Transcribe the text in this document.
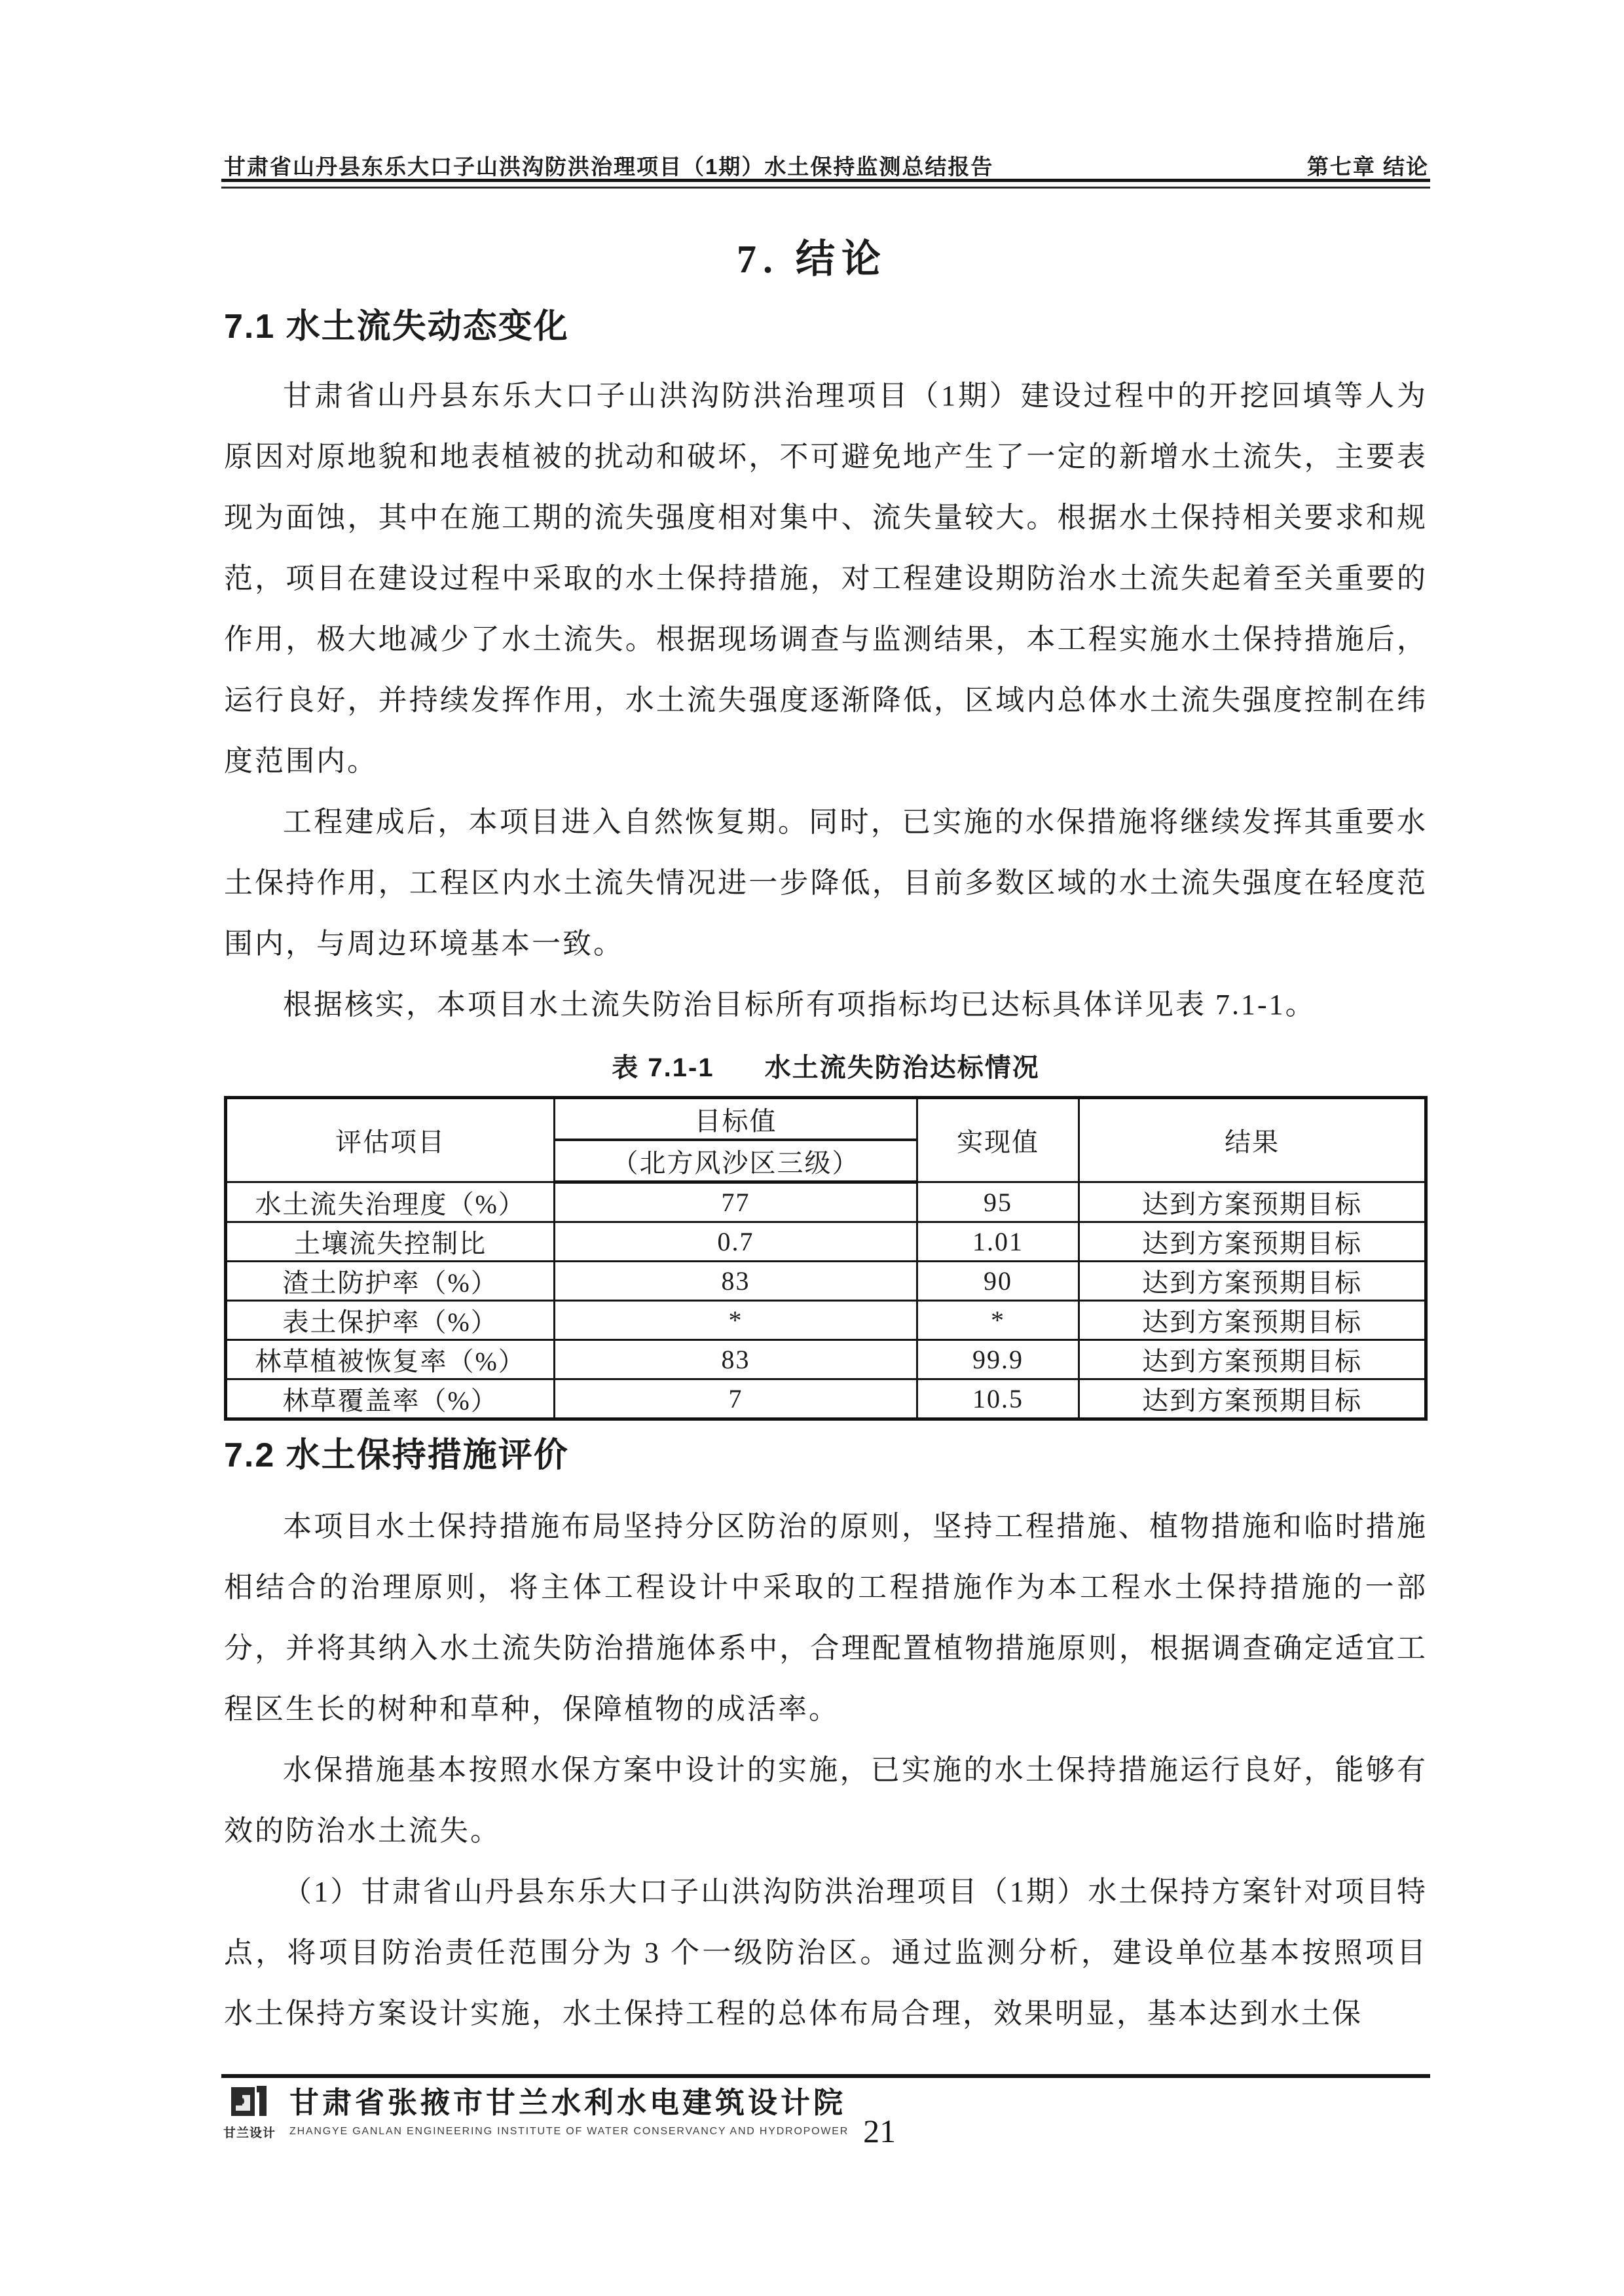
甘肃省山丹县东乐大口子山洪沟防洪治理项目（1期）水土保持监测总结报告	第七章 结论
7. 结论
7.1 水土流失动态变化

甘肃省山丹县东乐大口子山洪沟防洪治理项目（1期）建设过程中的开挖回填等人为原因对原地貌和地表植被的扰动和破坏，不可避免地产生了一定的新增水土流失，主要表现为面蚀，其中在施工期的流失强度相对集中、流失量较大。根据水土保持相关要求和规范，项目在建设过程中采取的水土保持措施，对工程建设期防治水土流失起着至关重要的作用，极大地减少了水土流失。根据现场调查与监测结果，本工程实施水土保持措施后，运行良好，并持续发挥作用，水土流失强度逐渐降低，区域内总体水土流失强度控制在纬度范围内。

工程建成后，本项目进入自然恢复期。同时，已实施的水保措施将继续发挥其重要水土保持作用，工程区内水土流失情况进一步降低，目前多数区域的水土流失强度在轻度范围内，与周边环境基本一致。

根据核实，本项目水土流失防治目标所有项指标均已达标具体详见表 7.1-1。

表 7.1-1 水土流失防治达标情况
评估项目	目标值	实现值	结果
	（北方风沙区三级）		
水土流失治理度（%）	77	95	达到方案预期目标
土壤流失控制比	0.7	1.01	达到方案预期目标
渣土防护率（%）	83	90	达到方案预期目标
表土保护率（%）	*	*	达到方案预期目标
林草植被恢复率（%）	83	99.9	达到方案预期目标
林草覆盖率（%）	7	10.5	达到方案预期目标
7.2 水土保持措施评价

本项目水土保持措施布局坚持分区防治的原则，坚持工程措施、植物措施和临时措施相结合的治理原则，将主体工程设计中采取的工程措施作为本工程水土保持措施的一部分，并将其纳入水土流失防治措施体系中，合理配置植物措施原则，根据调查确定适宜工程区生长的树种和草种，保障植物的成活率。

水保措施基本按照水保方案中设计的实施，已实施的水土保持措施运行良好，能够有效的防治水土流失。

（1）甘肃省山丹县东乐大口子山洪沟防洪治理项目（1期）水土保持方案针对项目特点，将项目防治责任范围分为 3 个一级防治区。通过监测分析，建设单位基本按照项目水土保持方案设计实施，水土保持工程的总体布局合理，效果明显，基本达到水土保

甘兰设计
甘肃省张掖市甘兰水利水电建筑设计院
ZHANGYE GANLAN ENGINEERING INSTITUTE OF WATER CONSERVANCY AND HYDROPOWER 21
